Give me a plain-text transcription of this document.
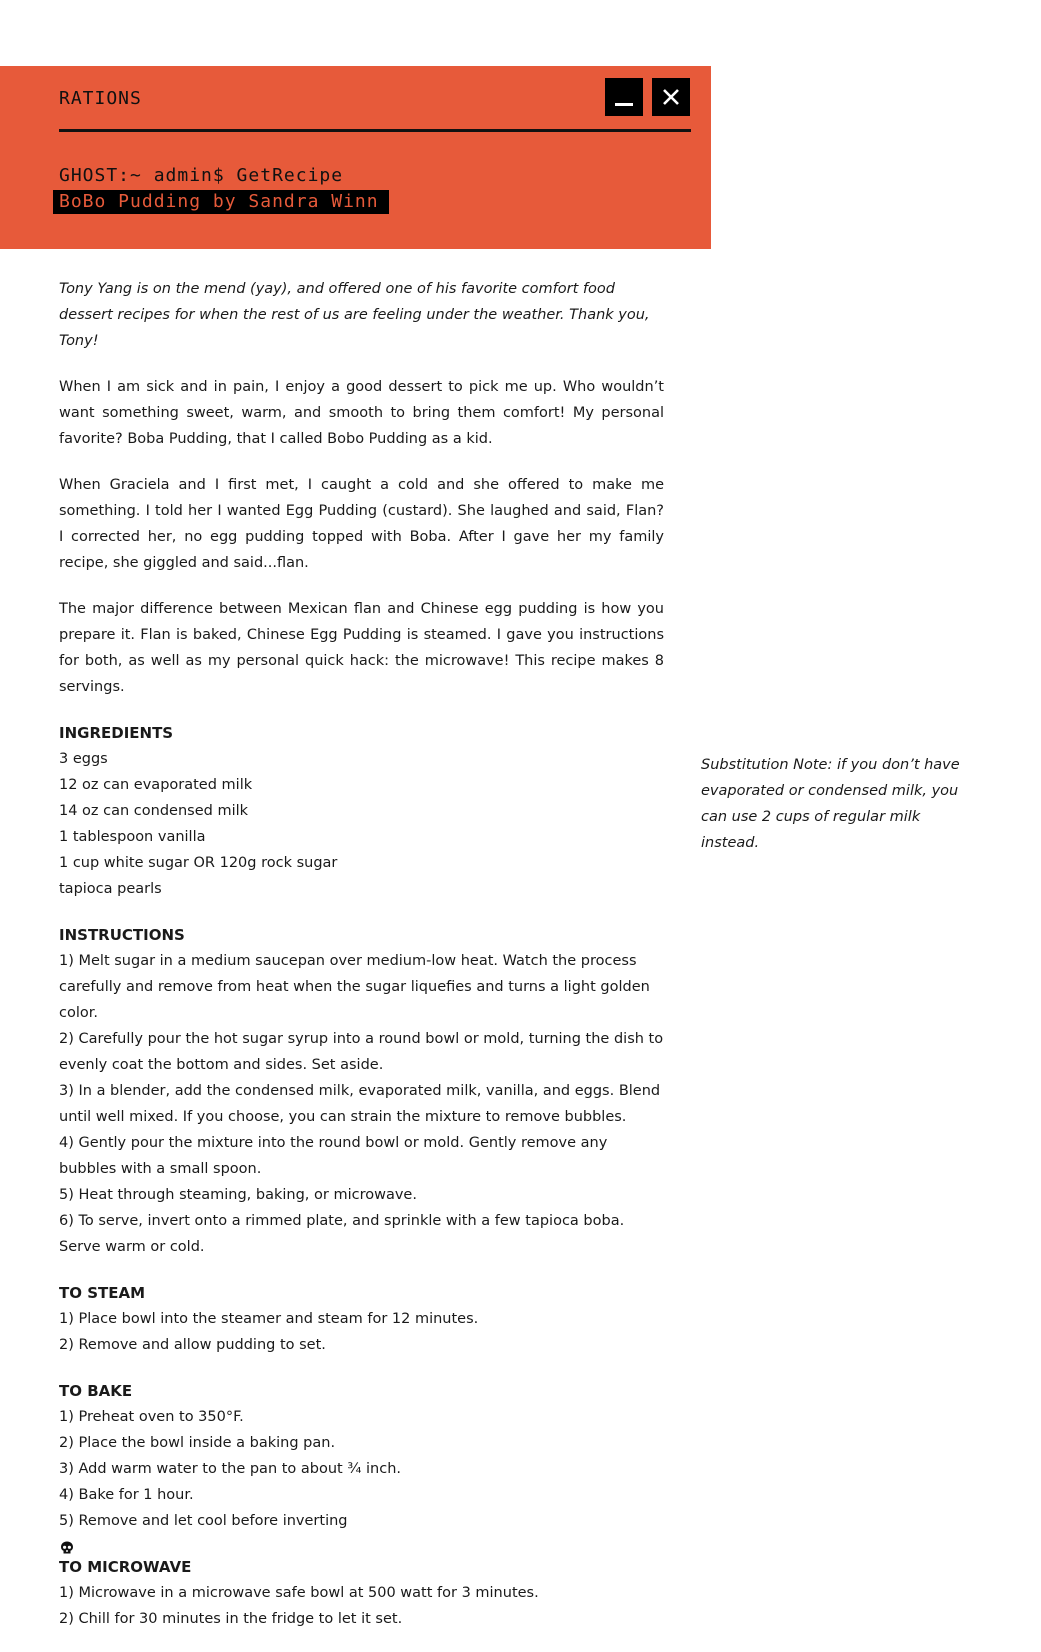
RATIONS
GHOST:~ admin$ GetRecipe
BoBo Pudding by Sandra Winn

Tony Yang is on the mend (yay), and offered one of his favorite comfort food dessert recipes for when the rest of us are feeling under the weather. Thank you, Tony!

When I am sick and in pain, I enjoy a good dessert to pick me up. Who wouldn’t want something sweet, warm, and smooth to bring them comfort! My personal favorite? Boba Pudding, that I called Bobo Pudding as a kid.

When Graciela and I first met, I caught a cold and she offered to make me something. I told her I wanted Egg Pudding (custard). She laughed and said, Flan? I corrected her, no egg pudding topped with Boba. After I gave her my family recipe, she giggled and said...flan.

The major difference between Mexican flan and Chinese egg pudding is how you prepare it. Flan is baked, Chinese Egg Pudding is steamed. I gave you instructions for both, as well as my personal quick hack: the microwave! This recipe makes 8 servings.

INGREDIENTS
3 eggs
12 oz can evaporated milk
14 oz can condensed milk
1 tablespoon vanilla
1 cup white sugar OR 120g rock sugar
tapioca pearls
INSTRUCTIONS
1) Melt sugar in a medium saucepan over medium-low heat. Watch the process carefully and remove from heat when the sugar liquefies and turns a light golden color.
2) Carefully pour the hot sugar syrup into a round bowl or mold, turning the dish to evenly coat the bottom and sides. Set aside.
3) In a blender, add the condensed milk, evaporated milk, vanilla, and eggs. Blend until well mixed. If you choose, you can strain the mixture to remove bubbles.
4) Gently pour the mixture into the round bowl or mold. Gently remove any bubbles with a small spoon.
5) Heat through steaming, baking, or microwave.
6) To serve, invert onto a rimmed plate, and sprinkle with a few tapioca boba. Serve warm or cold.
TO STEAM
1) Place bowl into the steamer and steam for 12 minutes.
2) Remove and allow pudding to set.
TO BAKE
1) Preheat oven to 350°F.
2) Place the bowl inside a baking pan.
3) Add warm water to the pan to about ¾ inch.
4) Bake for 1 hour.
5) Remove and let cool before inverting
TO MICROWAVE
1) Microwave in a microwave safe bowl at 500 watt for 3 minutes.
2) Chill for 30 minutes in the fridge to let it set.
Substitution Note: if you don’t have evaporated or condensed milk, you can use 2 cups of regular milk instead.
